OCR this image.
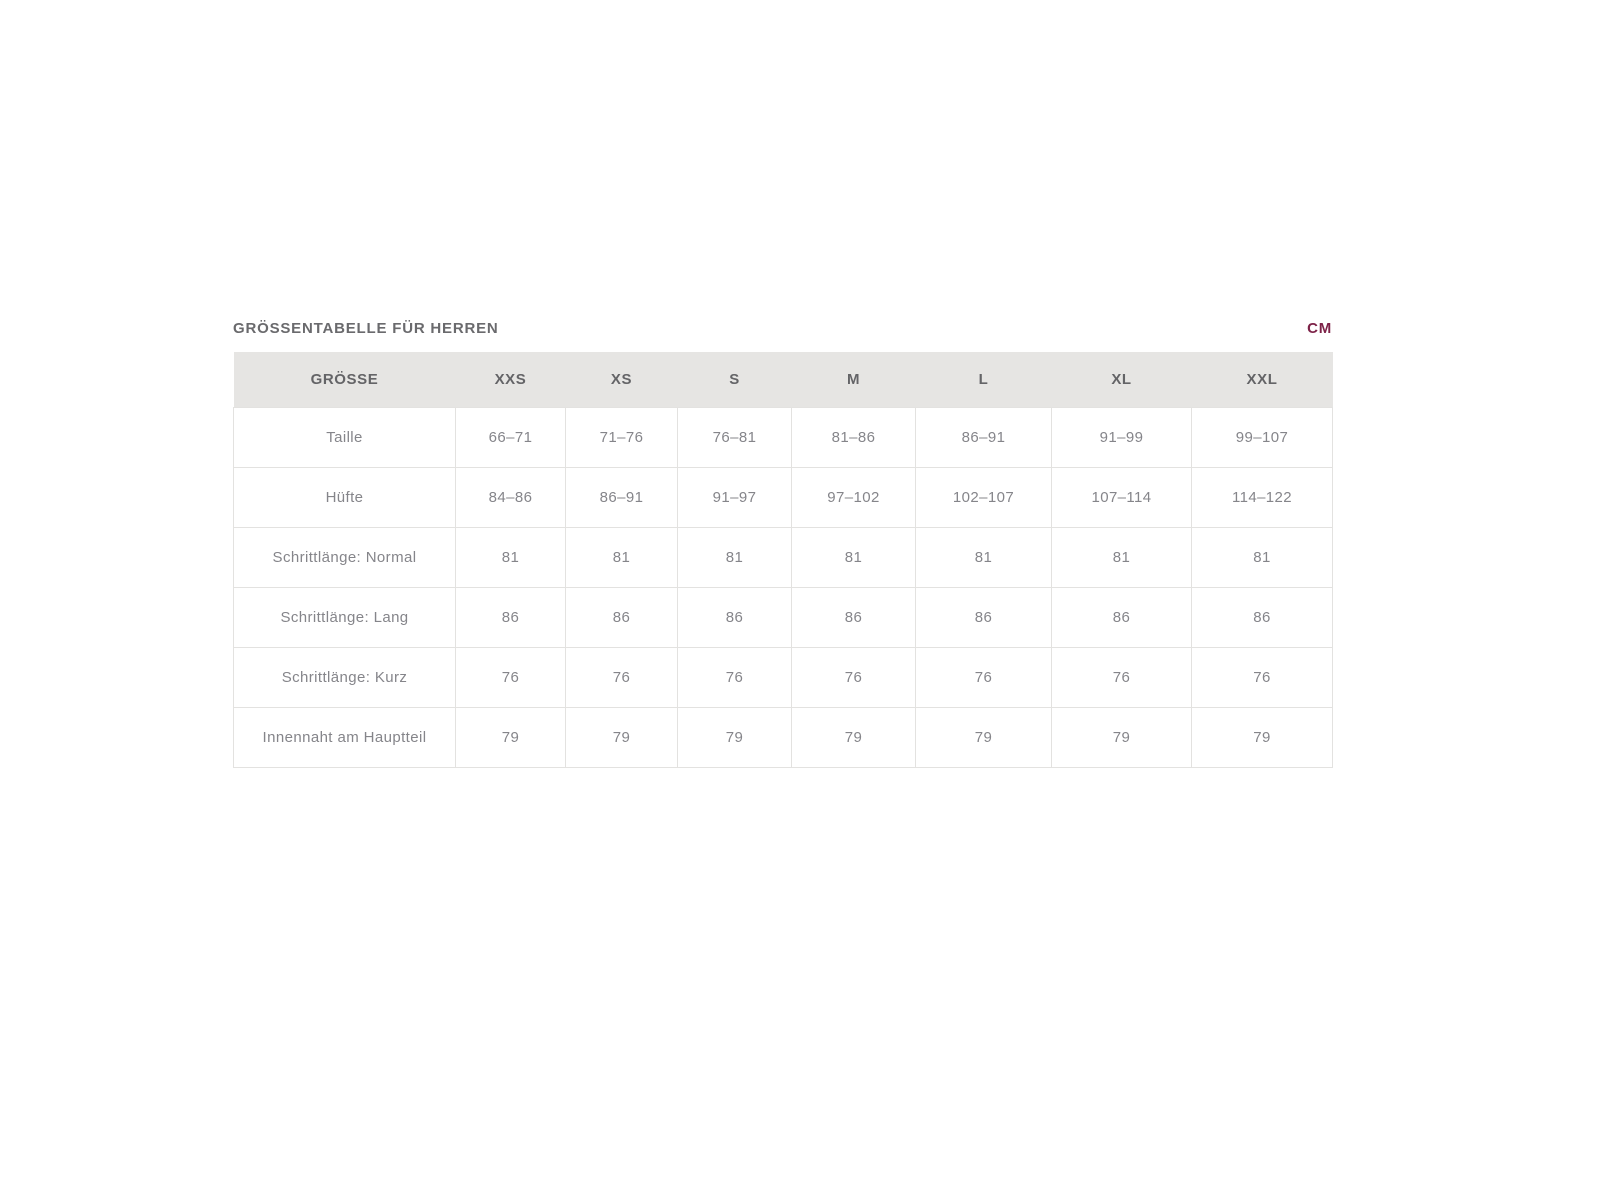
GRÖSSENTABELLE FÜR HERREN	CM
GRÖSSE	XXS	XS	S	M	L	XL	XXL
Taille	66–71	71–76	76–81	81–86	86–91	91–99	99–107
Hüfte	84–86	86–91	91–97	97–102	102–107	107–114	114–122
Schrittlänge: Normal	81	81	81	81	81	81	81
Schrittlänge: Lang	86	86	86	86	86	86	86
Schrittlänge: Kurz	76	76	76	76	76	76	76
Innennaht am Hauptteil	79	79	79	79	79	79	79
